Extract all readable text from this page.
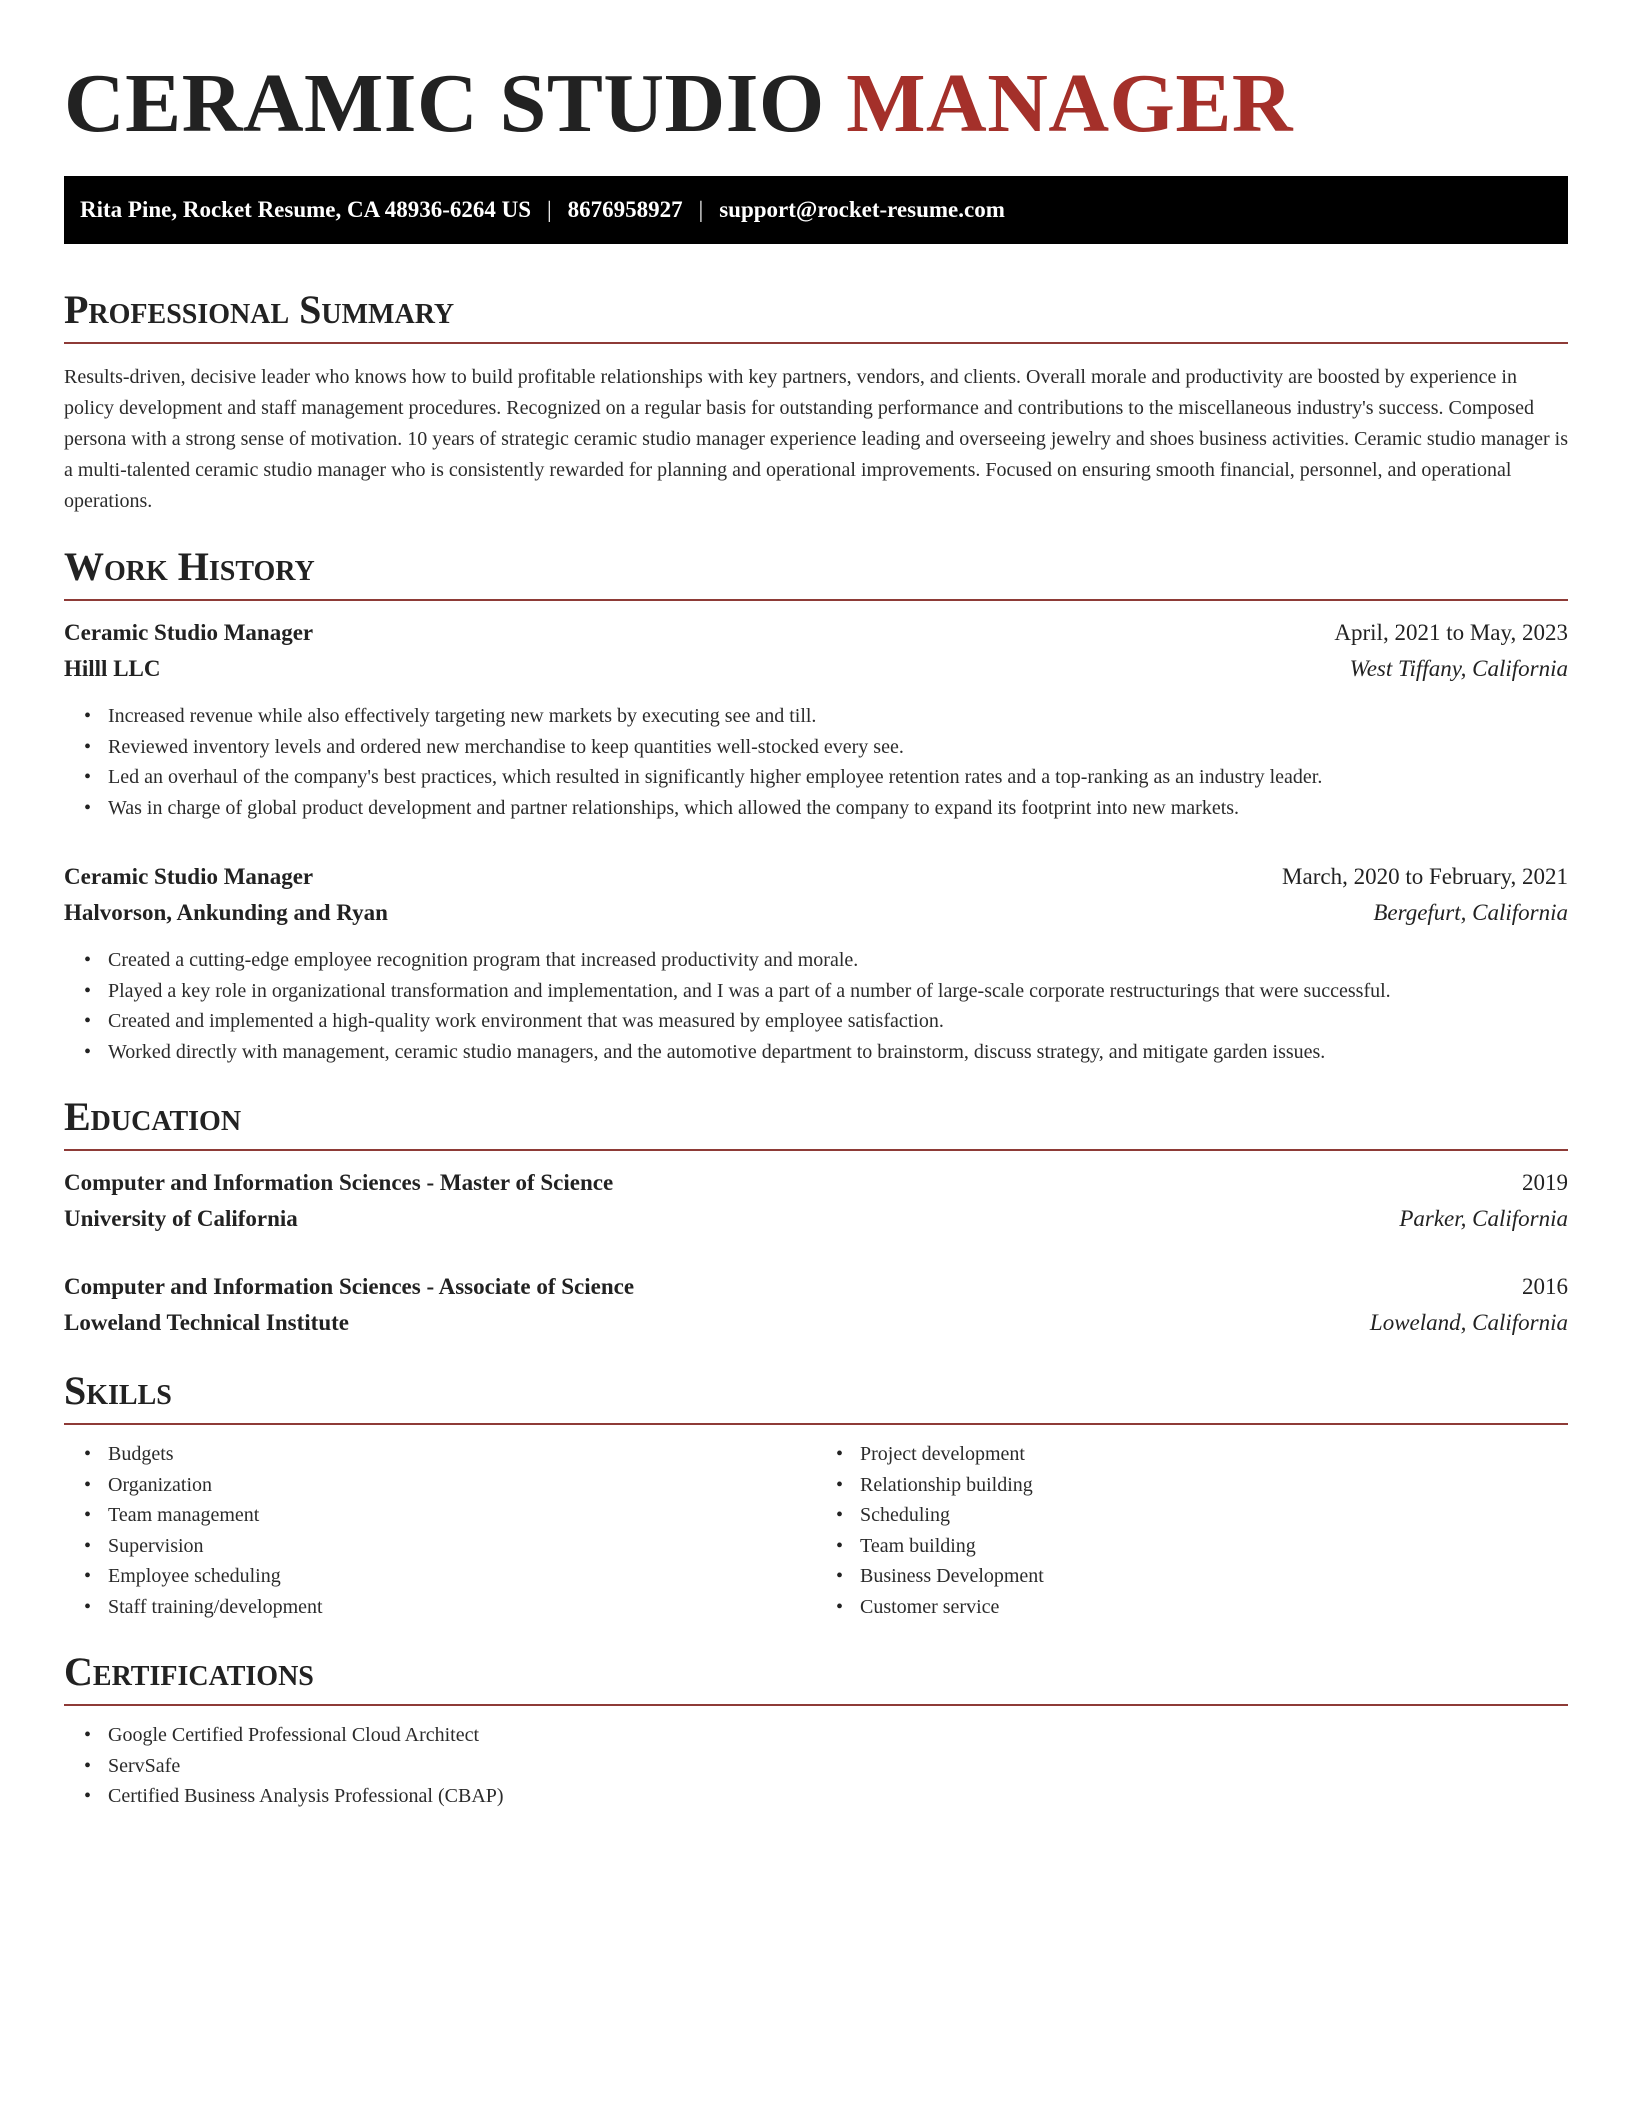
CERAMIC STUDIO MANAGER
Rita Pine, Rocket Resume, CA 48936-6264 US | 8676958927 | support@rocket-resume.com
Professional Summary

Results-driven, decisive leader who knows how to build profitable relationships with key partners, vendors, and clients. Overall morale and productivity are boosted by experience in policy development and staff management procedures. Recognized on a regular basis for outstanding performance and contributions to the miscellaneous industry's success. Composed persona with a strong sense of motivation. 10 years of strategic ceramic studio manager experience leading and overseeing jewelry and shoes business activities. Ceramic studio manager is a multi-talented ceramic studio manager who is consistently rewarded for planning and operational improvements. Focused on ensuring smooth financial, personnel, and operational operations.

Work History
Ceramic Studio Manager	April, 2021 to May, 2023
Hilll LLC	West Tiffany, California
• Increased revenue while also effectively targeting new markets by executing see and till.
• Reviewed inventory levels and ordered new merchandise to keep quantities well-stocked every see.
• Led an overhaul of the company's best practices, which resulted in significantly higher employee retention rates and a top-ranking as an industry leader.
• Was in charge of global product development and partner relationships, which allowed the company to expand its footprint into new markets.
Ceramic Studio Manager	March, 2020 to February, 2021
Halvorson, Ankunding and Ryan	Bergefurt, California
• Created a cutting-edge employee recognition program that increased productivity and morale.
• Played a key role in organizational transformation and implementation, and I was a part of a number of large-scale corporate restructurings that were successful.
• Created and implemented a high-quality work environment that was measured by employee satisfaction.
• Worked directly with management, ceramic studio managers, and the automotive department to brainstorm, discuss strategy, and mitigate garden issues.
Education
Computer and Information Sciences - Master of Science	2019
University of California	Parker, California
Computer and Information Sciences - Associate of Science	2016
Loweland Technical Institute	Loweland, California
Skills
• Budgets
• Organization
• Team management
• Supervision
• Employee scheduling
• Staff training/development
• Project development
• Relationship building
• Scheduling
• Team building
• Business Development
• Customer service
Certifications
• Google Certified Professional Cloud Architect
• ServSafe
• Certified Business Analysis Professional (CBAP)
